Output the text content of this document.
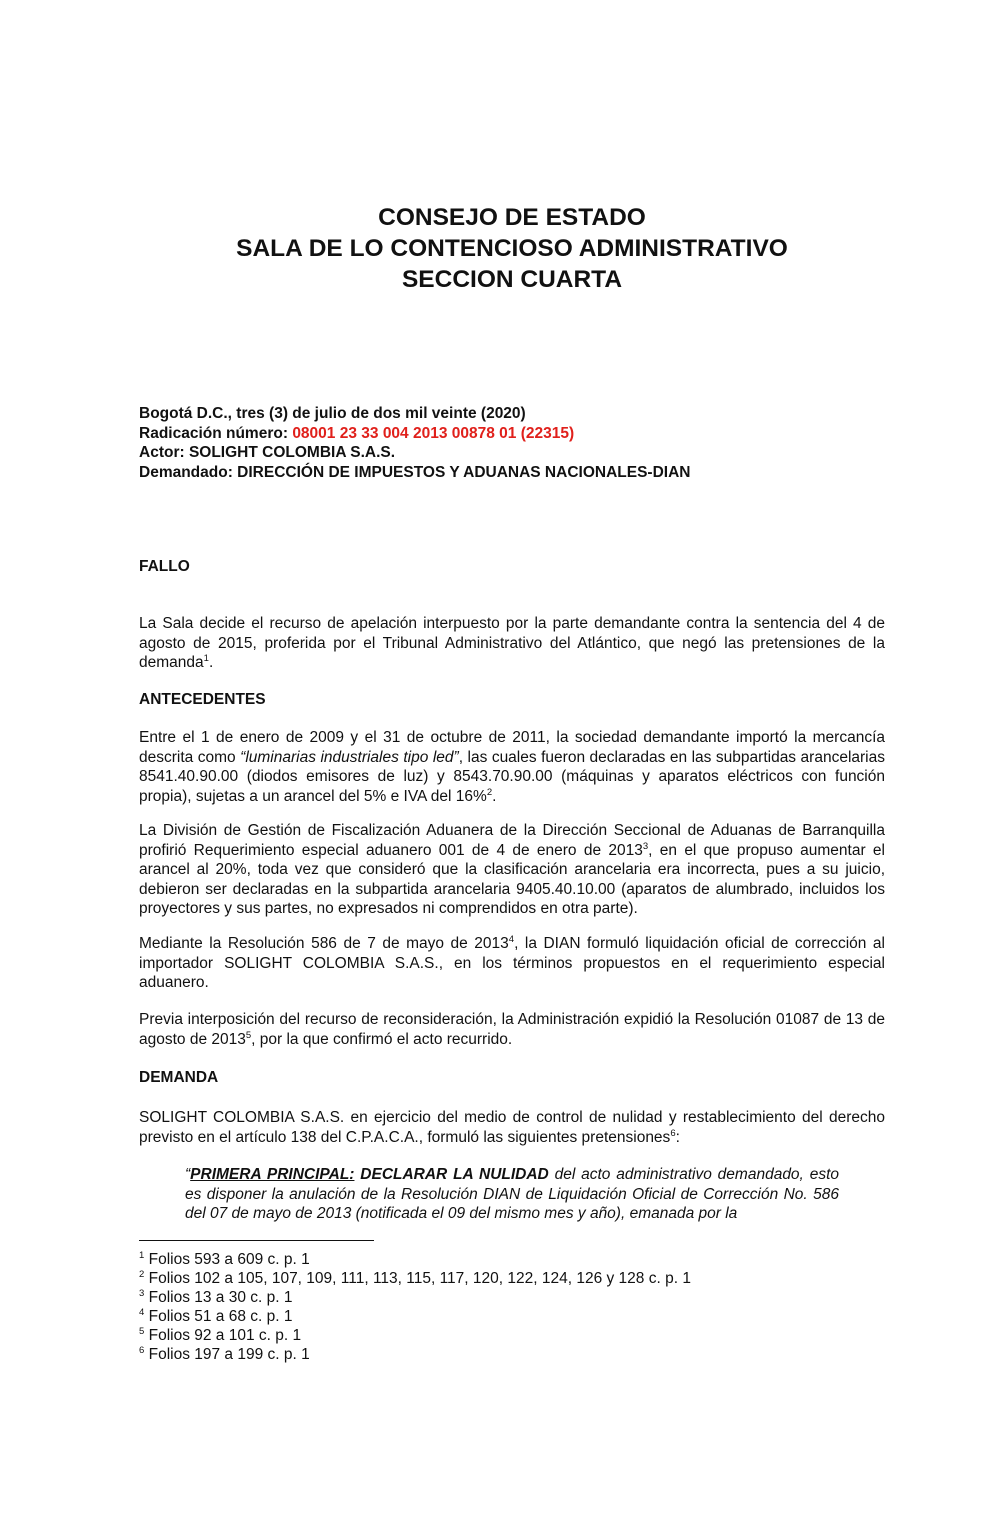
CONSEJO DE ESTADO
SALA DE LO CONTENCIOSO ADMINISTRATIVO
SECCION CUARTA
Bogotá D.C., tres (3) de julio de dos mil veinte (2020)
Radicación número: 08001 23 33 004 2013 00878 01 (22315)
Actor: SOLIGHT COLOMBIA S.A.S.
Demandado: DIRECCIÓN DE IMPUESTOS Y ADUANAS NACIONALES-DIAN
FALLO
La Sala decide el recurso de apelación interpuesto por la parte demandante contra la sentencia del 4 de agosto de 2015, proferida por el Tribunal Administrativo del Atlántico, que negó las pretensiones de la demanda$^1$.
ANTECEDENTES
Entre el 1 de enero de 2009 y el 31 de octubre de 2011, la sociedad demandante importó la mercancía descrita como “luminarias industriales tipo led”, las cuales fueron declaradas en las subpartidas arancelarias 8541.40.90.00 (diodos emisores de luz) y 8543.70.90.00 (máquinas y aparatos eléctricos con función propia), sujetas a un arancel del 5% e IVA del 16%$^2$.
La División de Gestión de Fiscalización Aduanera de la Dirección Seccional de Aduanas de Barranquilla profirió Requerimiento especial aduanero 001 de 4 de enero de 2013$^3$, en el que propuso aumentar el arancel al 20%, toda vez que consideró que la clasificación arancelaria era incorrecta, pues a su juicio, debieron ser declaradas en la subpartida arancelaria 9405.40.10.00 (aparatos de alumbrado, incluidos los proyectores y sus partes, no expresados ni comprendidos en otra parte).
Mediante la Resolución 586 de 7 de mayo de 2013$^4$, la DIAN formuló liquidación oficial de corrección al importador SOLIGHT COLOMBIA S.A.S., en los términos propuestos en el requerimiento especial aduanero.
Previa interposición del recurso de reconsideración, la Administración expidió la Resolución 01087 de 13 de agosto de 2013$^5$, por la que confirmó el acto recurrido.
DEMANDA
SOLIGHT COLOMBIA S.A.S. en ejercicio del medio de control de nulidad y restablecimiento del derecho previsto en el artículo 138 del C.P.A.C.A., formuló las siguientes pretensiones$^6$:
“PRIMERA PRINCIPAL: DECLARAR LA NULIDAD del acto administrativo demandado, esto es disponer la anulación de la Resolución DIAN de Liquidación Oficial de Corrección No. 586 del 07 de mayo de 2013 (notificada el 09 del mismo mes y año), emanada por la
$^1$ Folios 593 a 609 c. p. 1
$^2$ Folios 102 a 105, 107, 109, 111, 113, 115, 117, 120, 122, 124, 126 y 128 c. p. 1
$^3$ Folios 13 a 30 c. p. 1
$^4$ Folios 51 a 68 c. p. 1
$^5$ Folios 92 a 101 c. p. 1
$^6$ Folios 197 a 199 c. p. 1
